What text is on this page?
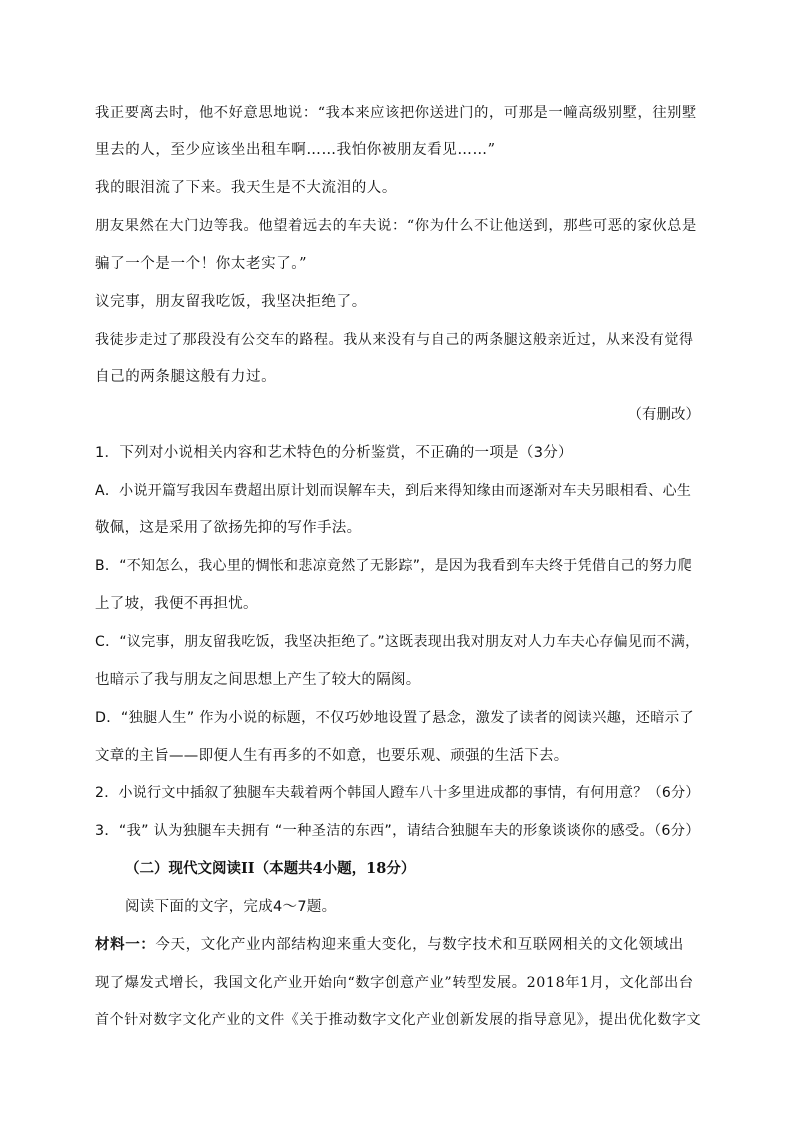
我正要离去时，他不好意思地说：“我本来应该把你送进门的，可那是一幢高级别墅，往别墅
里去的人，至少应该坐出租车啊……我怕你被朋友看见……”
我的眼泪流了下来。我天生是不大流泪的人。
朋友果然在大门边等我。他望着远去的车夫说：“你为什么不让他送到，那些可恶的家伙总是
骗了一个是一个！你太老实了。”
议完事，朋友留我吃饭，我坚决拒绝了。
我徒步走过了那段没有公交车的路程。我从来没有与自己的两条腿这般亲近过，从来没有觉得
自己的两条腿这般有力过。
（有删改）
1．下列对小说相关内容和艺术特色的分析鉴赏，不正确的一项是（3分）
A．小说开篇写我因车费超出原计划而误解车夫，到后来得知缘由而逐渐对车夫另眼相看、心生
敬佩，这是采用了欲扬先抑的写作手法。
B．“不知怎么，我心里的惆怅和悲凉竟然了无影踪”，是因为我看到车夫终于凭借自己的努力爬
上了坡，我便不再担忧。
C．“议完事，朋友留我吃饭，我坚决拒绝了。”这既表现出我对朋友对人力车夫心存偏见而不满，
也暗示了我与朋友之间思想上产生了较大的隔阂。
D．“独腿人生” 作为小说的标题，不仅巧妙地设置了悬念，激发了读者的阅读兴趣，还暗示了
文章的主旨——即便人生有再多的不如意，也要乐观、顽强的生活下去。
2．小说行文中插叙了独腿车夫载着两个韩国人蹬车八十多里进成都的事情，有何用意？（6分）
3．“我” 认为独腿车夫拥有 “一种圣洁的东西”，请结合独腿车夫的形象谈谈你的感受。（6分）
（二）现代文阅读II（本题共4小题，18分）
阅读下面的文字，完成4～7题。
材料一：今天，文化产业内部结构迎来重大变化，与数字技术和互联网相关的文化领域出
现了爆发式增长，我国文化产业开始向“数字创意产业”转型发展。2018年1月，文化部出台
首个针对数字文化产业的文件《关于推动数字文化产业创新发展的指导意见》，提出优化数字文
